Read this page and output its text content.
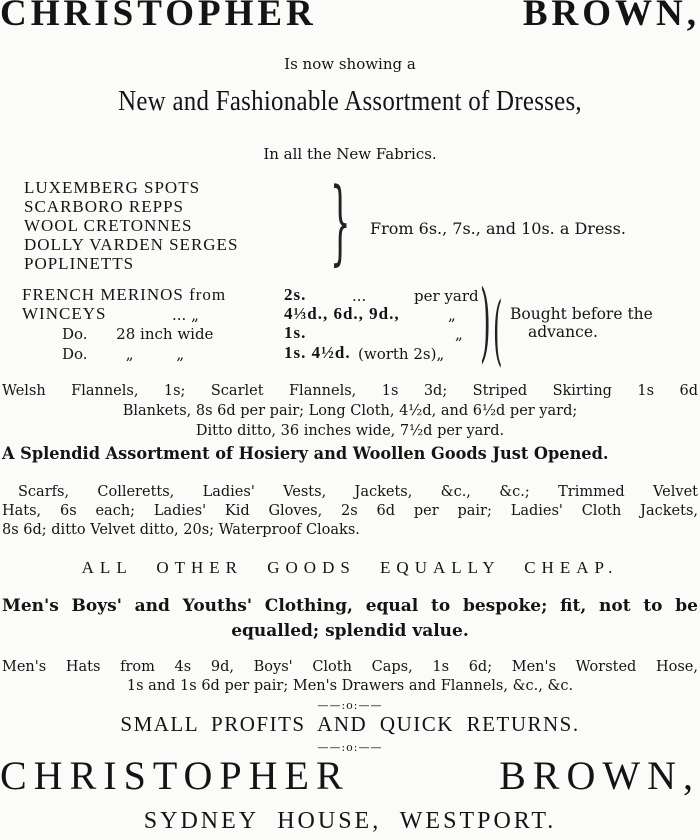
CHRISTOPHER	BROWN,
Is now showing a
New and Fashionable Assortment of Dresses,
In all the New Fabrics.
LUXEMBERG SPOTS
SCARBORO REPPS
WOOL CRETONNES
DOLLY VARDEN SERGES
POPLINETTS	} From 6s., 7s., and 10s. a Dress.
FRENCH MERINOS from	2s.	...	per yard
WINCEYS	... „	4⅓d., 6d., 9d.,	„
Do.      28 inch wide	1s.	„
Do.        „         „	1s. 4½d. (worth 2s)„ ) ( Bought before the
advance.
Welsh Flannels, 1s; Scarlet Flannels, 1s 3d; Striped Skirting 1s 6d
Blankets, 8s 6d per pair; Long Cloth, 4½d, and 6½d per yard;
Ditto ditto, 36 inches wide, 7½d per yard.
A Splendid Assortment of Hosiery and Woollen Goods Just Opened.
Scarfs, Colleretts, Ladies' Vests, Jackets, &c., &c.; Trimmed Velvet
Hats, 6s each; Ladies' Kid Gloves, 2s 6d per pair; Ladies' Cloth Jackets,
8s 6d; ditto Velvet ditto, 20s; Waterproof Cloaks.
ALL OTHER GOODS EQUALLY CHEAP.
Men's Boys' and Youths' Clothing, equal to bespoke; fit, not to be
equalled; splendid value.
Men's Hats from 4s 9d, Boys' Cloth Caps, 1s 6d; Men's Worsted Hose,
1s and 1s 6d per pair; Men's Drawers and Flannels, &c., &c.
——:o:——
SMALL PROFITS AND QUICK RETURNS.
——:o:——
CHRISTOPHER	BROWN,
SYDNEY HOUSE, WESTPORT.
